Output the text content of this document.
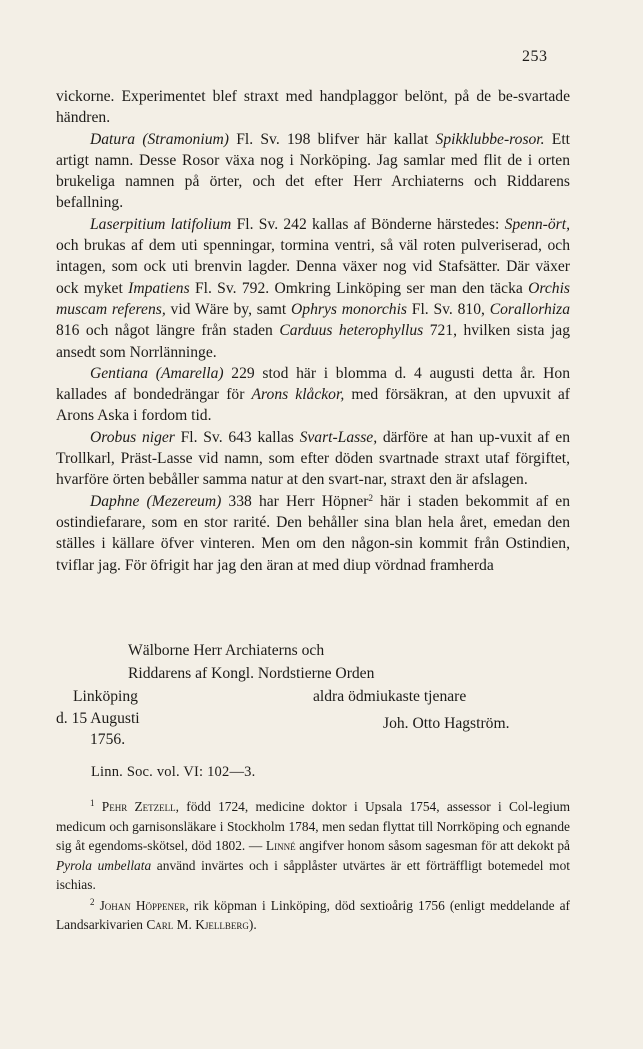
253

vickorne. Experimentet blef straxt med handplaggor belönt, på de be-svartade händren.

Datura (Stramonium) Fl. Sv. 198 blifver här kallat Spikklubbe-rosor. Ett artigt namn. Desse Rosor växa nog i Norköping. Jag samlar med flit de i orten brukeliga namnen på örter, och det efter Herr Archiaterns och Riddarens befallning.

Laserpitium latifolium Fl. Sv. 242 kallas af Bönderne härstedes: Spenn-ört, och brukas af dem uti spenningar, tormina ventri, så väl roten pulveriserad, och intagen, som ock uti brenvin lagder. Denna växer nog vid Stafsätter. Där växer ock myket Impatiens Fl. Sv. 792. Omkring Linköping ser man den täcka Orchis muscam referens, vid Wäre by, samt Ophrys monorchis Fl. Sv. 810, Corallorhiza 816 och något längre från staden Carduus heterophyllus 721, hvilken sista jag ansedt som Norrlänninge.

Gentiana (Amarella) 229 stod här i blomma d. 4 augusti detta år. Hon kallades af bondedrängar för Arons klåckor, med försäkran, at den upvuxit af Arons Aska i fordom tid.

Orobus niger Fl. Sv. 643 kallas Svart-Lasse, därföre at han up-vuxit af en Trollkarl, Präst-Lasse vid namn, som efter döden svartnade straxt utaf förgiftet, hvarföre örten bebåller samma natur at den svart-nar, straxt den är afslagen.

Daphne (Mezereum) 338 har Herr Höpner$^2$ här i staden bekommit af en ostindiefarare, som en stor rarité. Den behåller sina blan hela året, emedan den ställes i källare öfver vinteren. Men om den någon-sin kommit från Ostindien, tviflar jag. För öfrigit har jag den äran at med diup vördnad framherda

Wälborne Herr Archiaterns och
Riddarens af Kongl. Nordstierne Orden
Linköping	aldra ödmiukaste tjenare
d. 15 Augusti	Joh. Otto Hagström.
1756.
Linn. Soc. vol. VI: 102—3.

$^1$ Pehr Zetzell, född 1724, medicine doktor i Upsala 1754, assessor i Col-legium medicum och garnisonsläkare i Stockholm 1784, men sedan flyttat till Norrköping och egnande sig åt egendoms-skötsel, död 1802. — Linné angifver honom såsom sagesman för att dekokt på Pyrola umbellata använd invärtes och i såpplåster utvärtes är ett förträffligt botemedel mot ischias.

$^2$ Johan Höppener, rik köpman i Linköping, död sextioårig 1756 (enligt meddelande af Landsarkivarien Carl M. Kjellberg).
